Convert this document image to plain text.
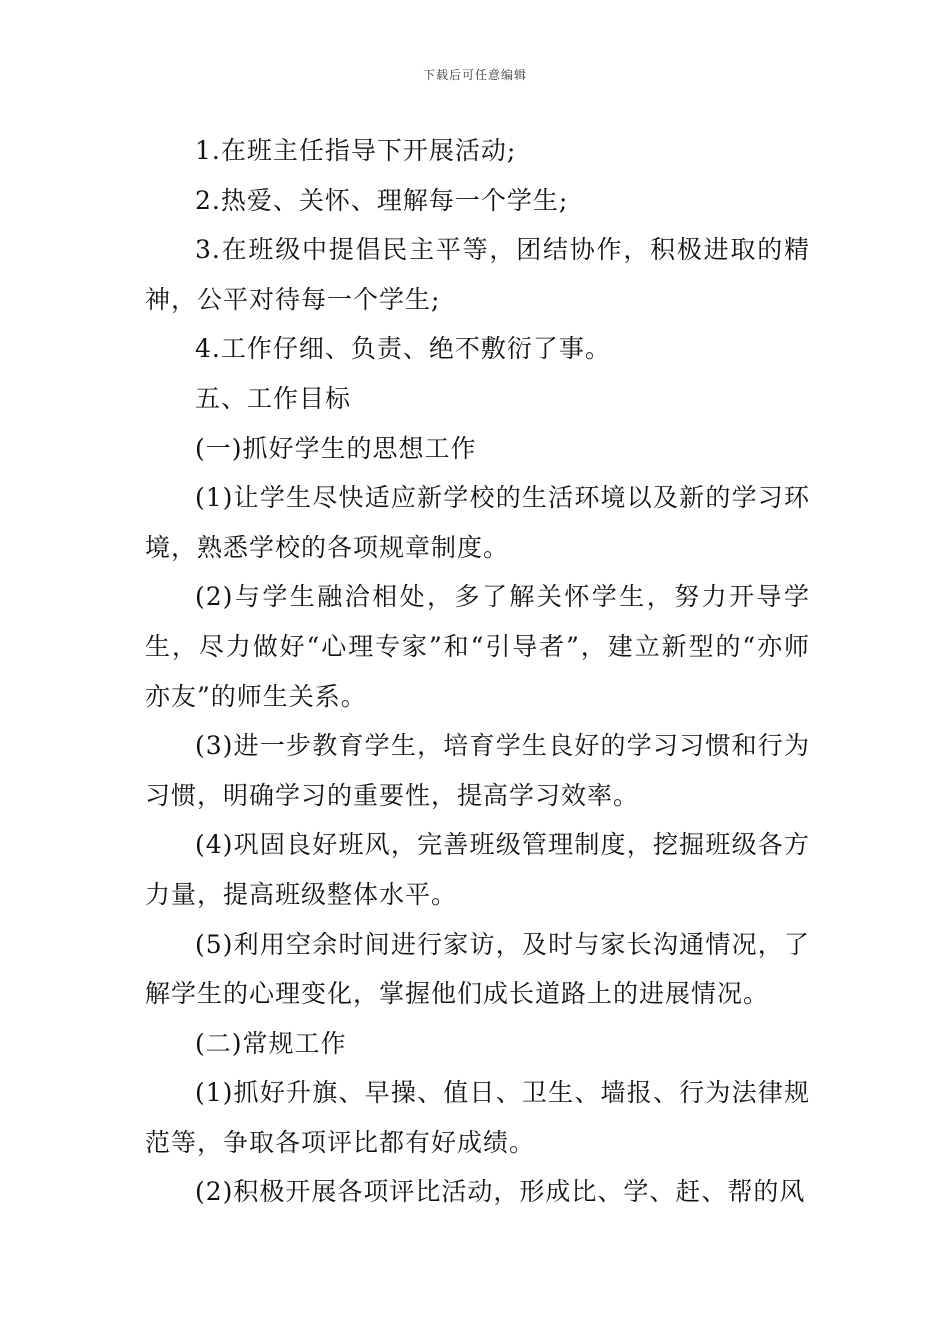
下载后可任意编辑

1.在班主任指导下开展活动;

2.热爱、关怀、理解每一个学生;

3.在班级中提倡民主平等，团结协作，积极进取的精神，公平对待每一个学生;

4.工作仔细、负责、绝不敷衍了事。

五、工作目标

(一)抓好学生的思想工作

(1)让学生尽快适应新学校的生活环境以及新的学习环境，熟悉学校的各项规章制度。

(2)与学生融洽相处，多了解关怀学生，努力开导学生，尽力做好“心理专家”和“引导者”，建立新型的“亦师亦友”的师生关系。

(3)进一步教育学生，培育学生良好的学习习惯和行为习惯，明确学习的重要性，提高学习效率。

(4)巩固良好班风，完善班级管理制度，挖掘班级各方力量，提高班级整体水平。

(5)利用空余时间进行家访，及时与家长沟通情况，了解学生的心理变化，掌握他们成长道路上的进展情况。

(二)常规工作

(1)抓好升旗、早操、值日、卫生、墙报、行为法律规范等，争取各项评比都有好成绩。

(2)积极开展各项评比活动，形成比、学、赶、帮的风
